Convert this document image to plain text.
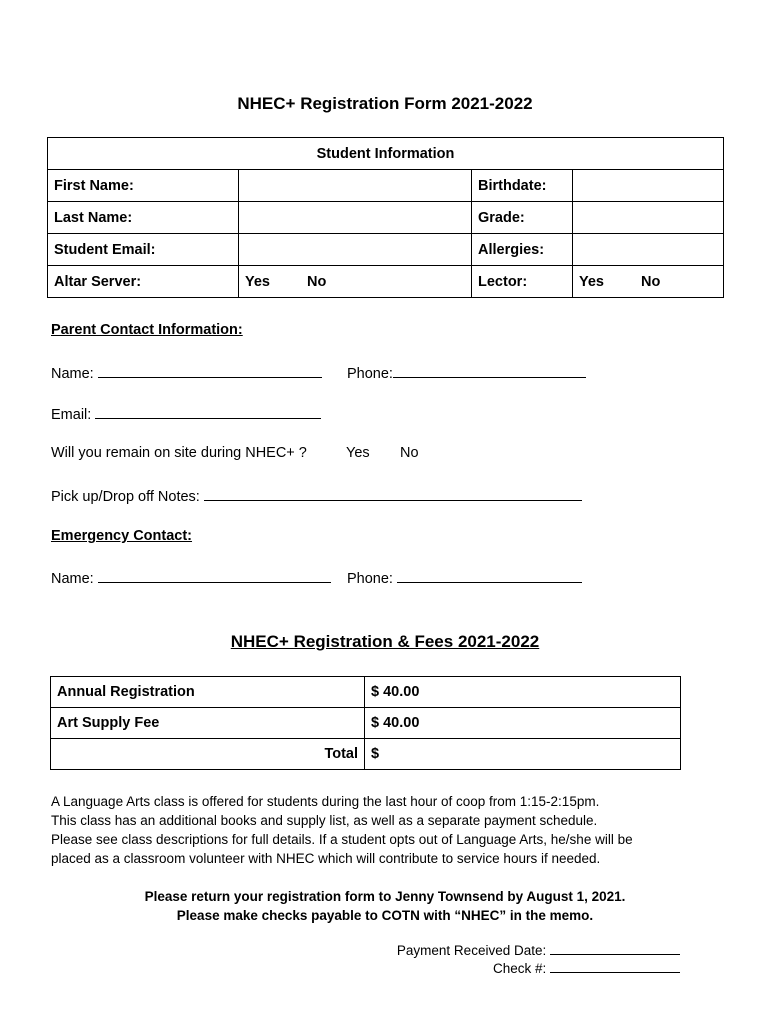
NHEC+ Registration Form 2021-2022
Student Information			
First Name:		Birthdate:	
Last Name:		Grade:	
Student Email:		Allergies:	
Altar Server:	Yes No	Lector:	Yes No
Parent Contact Information:
Name:	Phone:
Email:
Will you remain on site during NHEC+ ?	Yes No
Pick up/Drop off Notes:
Emergency Contact:
Name:	Phone:
NHEC+ Registration & Fees 2021-2022
Annual Registration	$ 40.00
Art Supply Fee	$ 40.00
Total	$
A Language Arts class is offered for students during the last hour of coop from 1:15-2:15pm.
This class has an additional books and supply list, as well as a separate payment schedule.
Please see class descriptions for full details. If a student opts out of Language Arts, he/she will be
placed as a classroom volunteer with NHEC which will contribute to service hours if needed.
Please return your registration form to Jenny Townsend by August 1, 2021.
Please make checks payable to COTN with “NHEC” in the memo.
Payment Received Date:
Check #:
